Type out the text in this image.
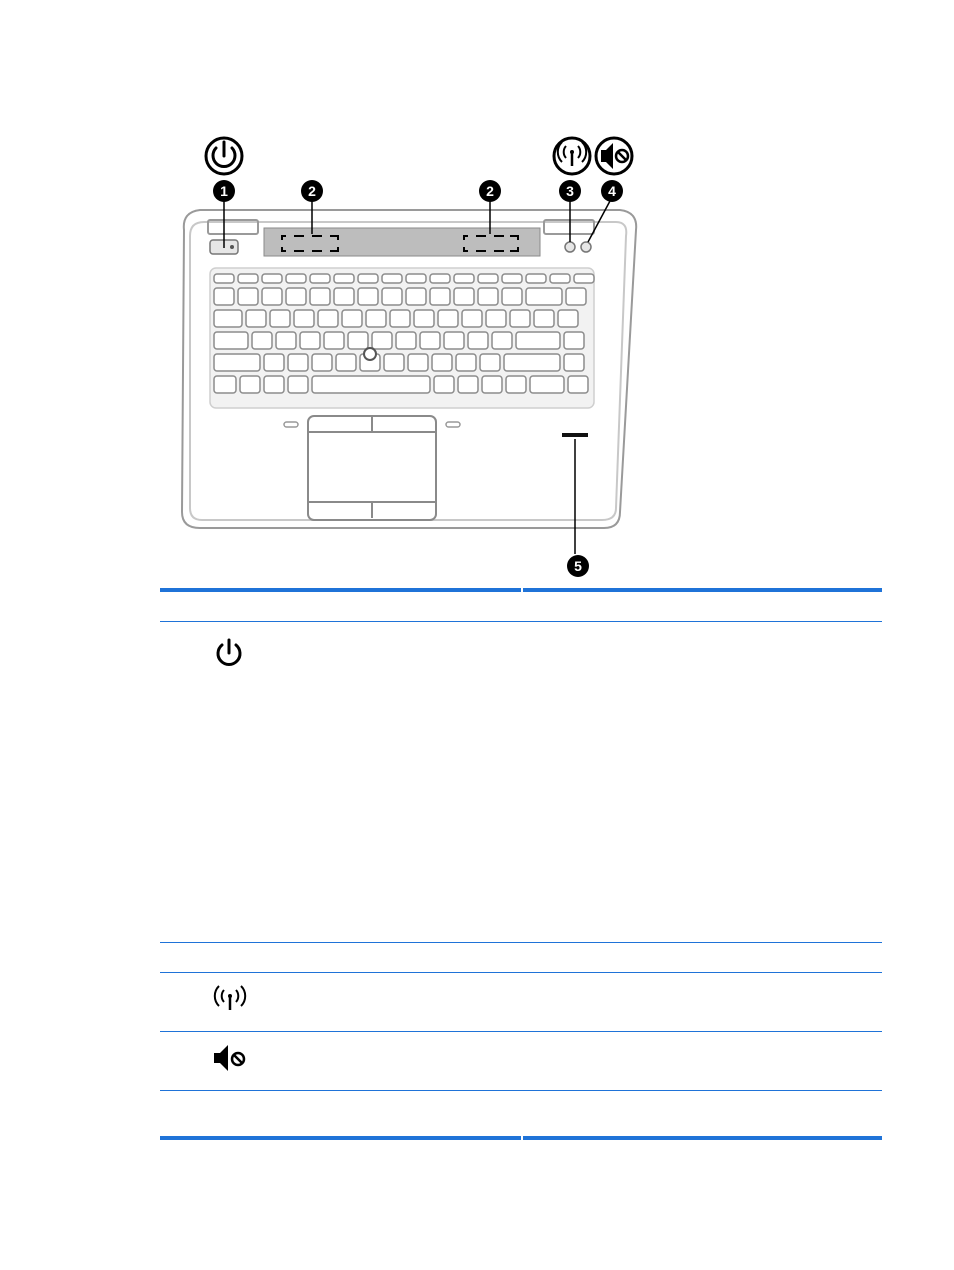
1	2	2	3 4
5
